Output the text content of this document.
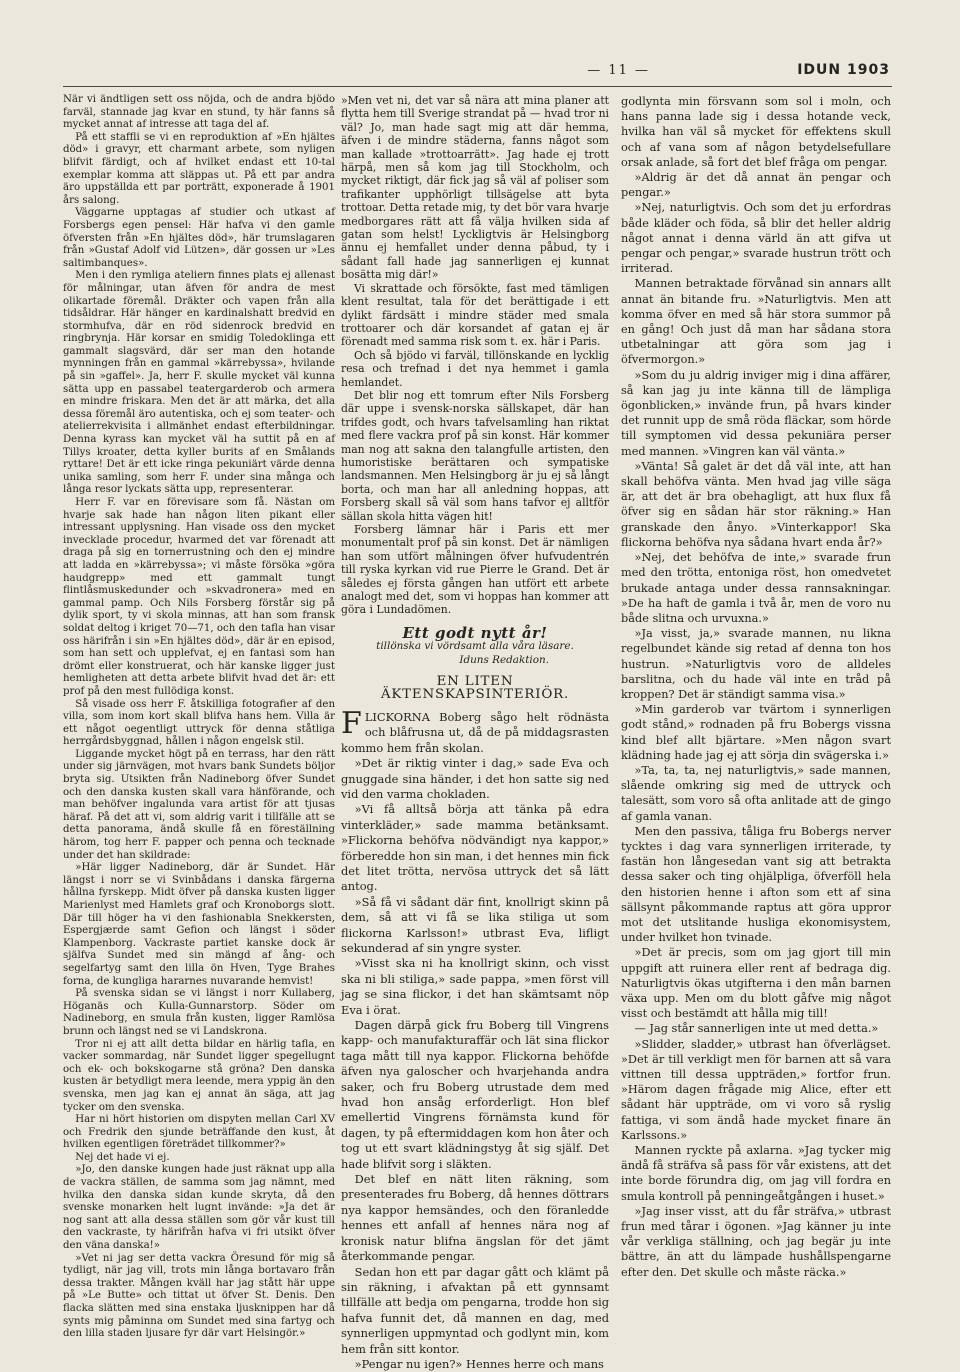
— 11 —	IDUN 1903

När vi ändtligen sett oss nöjda, och de andra bjödo farväl, stannade jag kvar en stund, ty här fanns så mycket annat af intresse att taga del af.

På ett staffli se vi en reproduktion af »En hjältes död» i gravyr, ett charmant arbete, som nyligen blifvit färdigt, och af hvilket endast ett 10-tal exemplar komma att släppas ut. På ett par andra äro uppställda ett par porträtt, exponerade å 1901 års salong.

Väggarne upptagas af studier och utkast af Forsbergs egen pensel: Här hafva vi den gamle öfversten från »En hjältes död», här trumslagaren från »Gustaf Adolf vid Lützen», där gossen ur »Les saltimbanques».

Men i den rymliga ateliern finnes plats ej allenast för målningar, utan äfven för andra de mest olikartade föremål. Dräkter och vapen från alla tidsåldrar. Här hänger en kardinalshatt bredvid en stormhufva, där en röd sidenrock bredvid en ringbrynja. Här korsar en smidig Toledoklinga ett gammalt slagsvärd, där ser man den hotande mynningen från en gammal »kärrebyssa», hvilande på sin »gaffel». Ja, herr F. skulle mycket väl kunna sätta upp en passabel teatergarderob och armera en mindre friskara. Men det är att märka, det alla dessa föremål äro autentiska, och ej som teater- och atelierrekvisita i allmänhet endast efterbildningar. Denna kyrass kan mycket väl ha suttit på en af Tillys kroater, detta kyller burits af en Smålands ryttare! Det är ett icke ringa pekuniärt värde denna unika samling, som herr F. under sina många och långa resor lyckats sätta upp, representerar.

Herr F. var en förevisare som få. Nästan om hvarje sak hade han någon liten pikant eller intressant upplysning. Han visade oss den mycket invecklade procedur, hvarmed det var förenadt att draga på sig en tornerrustning och den ej mindre att ladda en »kärrebyssa»; vi måste försöka »göra haudgrepp» med ett gammalt tungt flintlåsmuskedunder och »skvadronera» med en gammal pamp. Och Nils Forsberg förstår sig på dylik sport, ty vi skola minnas, att han som fransk soldat deltog i kriget 70—71, och den tafla han visar oss härifrån i sin »En hjältes död», där är en episod, som han sett och upplefvat, ej en fantasi som han drömt eller konstruerat, och här kanske ligger just hemligheten att detta arbete blifvit hvad det är: ett prof på den mest fullödiga konst.

Så visade oss herr F. åtskilliga fotografier af den villa, som inom kort skall blifva hans hem. Villa är ett något oegentligt uttryck för denna ståtliga herrgårdsbyggnad, hållen i någon engelsk stil.

Liggande mycket högt på en terrass, har den rätt under sig järnvägen, mot hvars bank Sundets böljor bryta sig. Utsikten från Nadineborg öfver Sundet och den danska kusten skall vara hänförande, och man behöfver ingalunda vara artist för att tjusas häraf. På det att vi, som aldrig varit i tillfälle att se detta panorama, ändå skulle få en föreställning härom, tog herr F. papper och penna och tecknade under det han skildrade:

»Här ligger Nadineborg, där är Sundet. Här längst i norr se vi Svinbådans i danska färgerna hållna fyrskepp. Midt öfver på danska kusten ligger Marienlyst med Hamlets graf och Kronoborgs slott. Där till höger ha vi den fashionabla Snekkersten, Espergjærde samt Gefion och längst i söder Klampenborg. Vackraste partiet kanske dock är själfva Sundet med sin mängd af ång- och segelfartyg samt den lilla ön Hven, Tyge Brahes forna, de kungliga hararnes nuvarande hemvist!

På svenska sidan se vi längst i norr Kullaberg, Höganäs och Kulla-Gunnarstorp. Söder om Nadineborg, en smula från kusten, ligger Ramlösa brunn och längst ned se vi Landskrona.

Tror ni ej att allt detta bildar en härlig tafla, en vacker sommardag, när Sundet ligger spegellugnt och ek- och bokskogarne stå gröna? Den danska kusten är betydligt mera leende, mera yppig än den svenska, men jag kan ej annat än säga, att jag tycker om den svenska.

Har ni hört historien om dispyten mellan Carl XV och Fredrik den sjunde beträffande den kust, åt hvilken egentligen företrädet tillkommer?»

Nej det hade vi ej.

»Jo, den danske kungen hade just räknat upp alla de vackra ställen, de samma som jag nämnt, med hvilka den danska sidan kunde skryta, då den svenske monarken helt lugnt invände: »Ja det är nog sant att alla dessa ställen som gör vår kust till den vackraste, ty härifrån hafva vi fri utsikt öfver den väna danska!»

»Vet ni jag ser detta vackra Öresund för mig så tydligt, när jag vill, trots min långa bortavaro från dessa trakter. Mången kväll har jag stått här uppe på »Le Butte» och tittat ut öfver St. Denis. Den flacka slätten med sina enstaka ljusknippen har då synts mig påminna om Sundet med sina fartyg och den lilla staden ljusare fyr där vart Helsingör.»

»Men vet ni, det var så nära att mina planer att flytta hem till Sverige strandat på — hvad tror ni väl? Jo, man hade sagt mig att där hemma, äfven i de mindre städerna, fanns något som man kallade »trottoarrätt». Jag hade ej trott härpå, men så kom jag till Stockholm, och mycket riktigt, där fick jag så väl af poliser som trafikanter upphörligt tillsägelse att byta trottoar. Detta retade mig, ty det bör vara hvarje medborgares rätt att få välja hvilken sida af gatan som helst! Lyckligtvis är Helsingborg ännu ej hemfallet under denna påbud, ty i sådant fall hade jag sannerligen ej kunnat bosätta mig där!»

Vi skrattade och försökte, fast med tämligen klent resultat, tala för det berättigade i ett dylikt färdsätt i mindre städer med smala trottoarer och där korsandet af gatan ej är förenadt med samma risk som t. ex. här i Paris.

Och så bjödo vi farväl, tillönskande en lycklig resa och trefnad i det nya hemmet i gamla hemlandet.

Det blir nog ett tomrum efter Nils Forsberg där uppe i svensk-norska sällskapet, där han trifdes godt, och hvars tafvelsamling han riktat med flere vackra prof på sin konst. Här kommer man nog att sakna den talangfulle artisten, den humoristiske berättaren och sympatiske landsmannen. Men Helsingborg är ju ej så långt borta, och man har all anledning hoppas, att Forsberg skall så väl som hans tafvor ej alltför sällan skola hitta vägen hit!

Forsberg lämnar här i Paris ett mer monumentalt prof på sin konst. Det är nämligen han som utfört målningen öfver hufvudentrén till ryska kyrkan vid rue Pierre le Grand. Det är således ej första gången han utfört ett arbete analogt med det, som vi hoppas han kommer att göra i Lundadömen.

Ett godt nytt år!
tillönska vi vördsamt alla våra läsare.
Iduns Redaktion.
EN LITEN ÄKTENSKAPSINTERIÖR.

FLICKORNA Boberg sågo helt rödnästa och blåfrusna ut, då de på middagsrasten kommo hem från skolan.

»Det är riktig vinter i dag,» sade Eva och gnuggade sina händer, i det hon satte sig ned vid den varma chokladen.

»Vi få alltså börja att tänka på edra vinterkläder,» sade mamma betänksamt. »Flickorna behöfva nödvändigt nya kappor,» förberedde hon sin man, i det hennes min fick det litet trötta, nervösa uttryck det så lätt antog.

»Så få vi sådant där fint, knollrigt skinn på dem, så att vi få se lika stiliga ut som flickorna Karlsson!» utbrast Eva, lifligt sekunderad af sin yngre syster.

»Visst ska ni ha knollrigt skinn, och visst ska ni bli stiliga,» sade pappa, »men först vill jag se sina flickor, i det han skämtsamt nöp Eva i örat.

Dagen därpå gick fru Boberg till Vingrens kapp- och manufakturaffär och lät sina flickor taga mått till nya kappor. Flickorna behöfde äfven nya galoscher och hvarjehanda andra saker, och fru Boberg utrustade dem med hvad hon ansåg erforderligt. Hon blef emellertid Vingrens förnämsta kund för dagen, ty på eftermiddagen kom hon åter och tog ut ett svart klädningstyg åt sig själf. Det hade blifvit sorg i släkten.

Det blef en nätt liten räkning, som presenterades fru Boberg, då hennes döttrars nya kappor hemsändes, och den föranledde hennes ett anfall af hennes nära nog af kronisk natur blifna ängslan för det jämt återkommande pengar.

Sedan hon ett par dagar gått och klämt på sin räkning, i afvaktan på ett gynnsamt tillfälle att bedja om pengarna, trodde hon sig hafva funnit det, då mannen en dag, med synnerligen uppmyntad och godlynt min, kom hem från sitt kontor.

»Pengar nu igen?» Hennes herre och mans

godlynta min försvann som sol i moln, och hans panna lade sig i dessa hotande veck, hvilka han väl så mycket för effektens skull och af vana som af någon betydelsefullare orsak anlade, så fort det blef fråga om pengar.

»Aldrig är det då annat än pengar och pengar.»

»Nej, naturligtvis. Och som det ju erfordras både kläder och föda, så blir det heller aldrig något annat i denna värld än att gifva ut pengar och pengar,» svarade hustrun trött och irriterad.

Mannen betraktade förvånad sin annars allt annat än bitande fru. »Naturligtvis. Men att komma öfver en med så här stora summor på en gång! Och just då man har sådana stora utbetalningar att göra som jag i öfvermorgon.»

»Som du ju aldrig inviger mig i dina affärer, så kan jag ju inte känna till de lämpliga ögonblicken,» invände frun, på hvars kinder det runnit upp de små röda fläckar, som hörde till symptomen vid dessa pekuniära perser med mannen. »Vingren kan väl vänta.»

»Vänta! Så galet är det då väl inte, att han skall behöfva vänta. Men hvad jag ville säga är, att det är bra obehagligt, att hux flux få öfver sig en sådan här stor räkning.» Han granskade den ånyo. »Vinterkappor! Ska flickorna behöfva nya sådana hvart enda år?»

»Nej, det behöfva de inte,» svarade frun med den trötta, entoniga röst, hon omedvetet brukade antaga under dessa rannsakningar. »De ha haft de gamla i två år, men de voro nu både slitna och urvuxna.»

»Ja visst, ja,» svarade mannen, nu likna regelbundet kände sig retad af denna ton hos hustrun. »Naturligtvis voro de alldeles barslitna, och du hade väl inte en tråd på kroppen? Det är ständigt samma visa.»

»Min garderob var tvärtom i synnerligen godt stånd,» rodnaden på fru Bobergs vissna kind blef allt bjärtare. »Men någon svart klädning hade jag ej att sörja din svägerska i.»

»Ta, ta, ta, nej naturligtvis,» sade mannen, slående omkring sig med de uttryck och talesätt, som voro så ofta anlitade att de gingo af gamla vanan.

Men den passiva, tåliga fru Bobergs nerver tycktes i dag vara synnerligen irriterade, ty fastän hon långesedan vant sig att betrakta dessa saker och ting ohjälpliga, öfverföll hela den historien henne i afton som ett af sina sällsynt påkommande raptus att göra uppror mot det utslitande husliga ekonomisystem, under hvilket hon tvinade.

»Det är precis, som om jag gjort till min uppgift att ruinera eller rent af bedraga dig. Naturligtvis ökas utgifterna i den mån barnen växa upp. Men om du blott gåfve mig något visst och bestämdt att hålla mig till!

— Jag står sannerligen inte ut med detta.»

»Slidder, sladder,» utbrast han öfverlägset. »Det är till verkligt men för barnen att så vara vittnen till dessa uppträden,» fortfor frun. »Härom dagen frågade mig Alice, efter ett sådant här uppträde, om vi voro så ryslig fattiga, vi som ändå hade mycket finare än Karlssons.»

Mannen ryckte på axlarna. »Jag tycker mig ändå få sträfva så pass för vår existens, att det inte borde förundra dig, om jag vill fordra en smula kontroll på penningeåtgången i huset.»

»Jag inser visst, att du får sträfva,» utbrast frun med tårar i ögonen. »Jag känner ju inte vår verkliga ställning, och jag begär ju inte bättre, än att du lämpade hushållspengarne efter den. Det skulle och måste räcka.»
